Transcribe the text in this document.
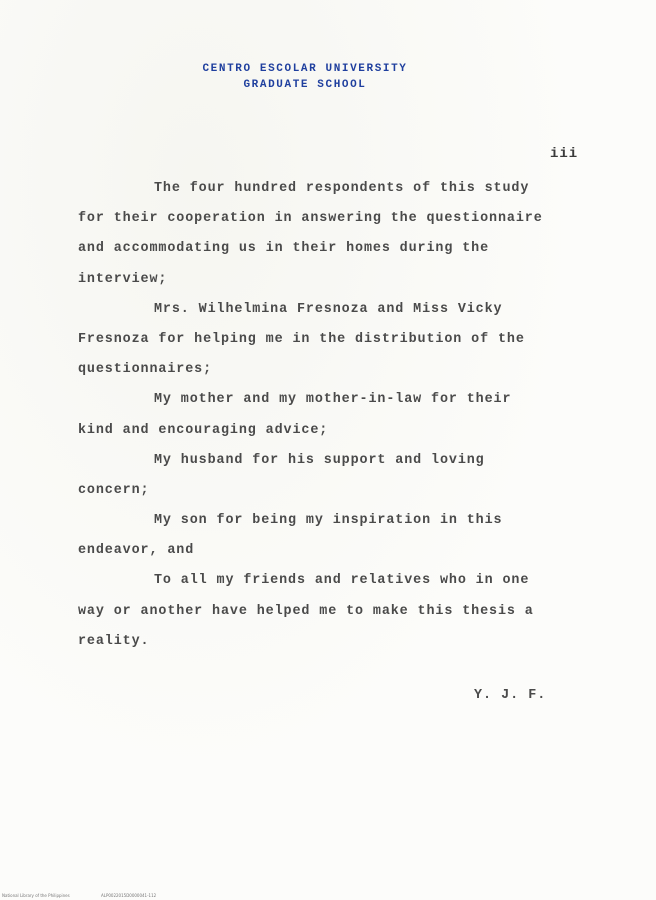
CENTRO ESCOLAR UNIVERSITY
GRADUATE SCHOOL
iii
The four hundred respondents of this study
for their cooperation in answering the questionnaire
and accommodating us in their homes during the
interview;
Mrs. Wilhelmina Fresnoza and Miss Vicky
Fresnoza for helping me in the distribution of the
questionnaires;
My mother and my mother-in-law for their
kind and encouraging advice;
My husband for his support and loving
concern;
My son for being my inspiration in this
endeavor, and
To all my friends and relatives who in one
way or another have helped me to make this thesis a
reality.
Y. J. F.
National Library of the Philippines	ALP0022015D0000041-112
